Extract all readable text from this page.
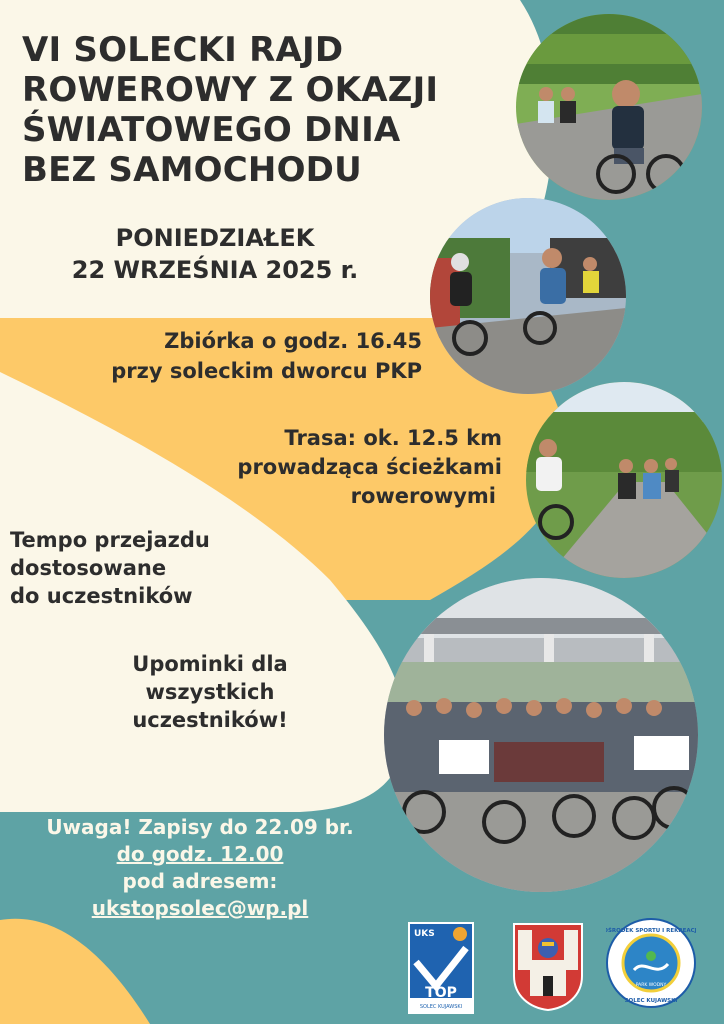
VI SOLECKI RAJD
ROWEROWY Z OKAZJI
ŚWIATOWEGO DNIA
BEZ SAMOCHODU
PONIEDZIAŁEK
22 WRZEŚNIA 2025 r.
Zbiórka o godz. 16.45
przy soleckim dworcu PKP
Trasa: ok. 12.5 km
prowadząca ścieżkami
rowerowymi
Tempo przejazdu
dostosowane
do uczestników
Upominki dla
wszystkich
uczestników!
Uwaga! Zapisy do 22.09 br.
do godz. 12.00
pod adresem:
ukstopsolec@wp.pl
UKS
TOP
SOLEC KUJAWSKI
OŚRODEK SPORTU I REKREACJI
PARK WODNY
SOLEC KUJAWSKI
